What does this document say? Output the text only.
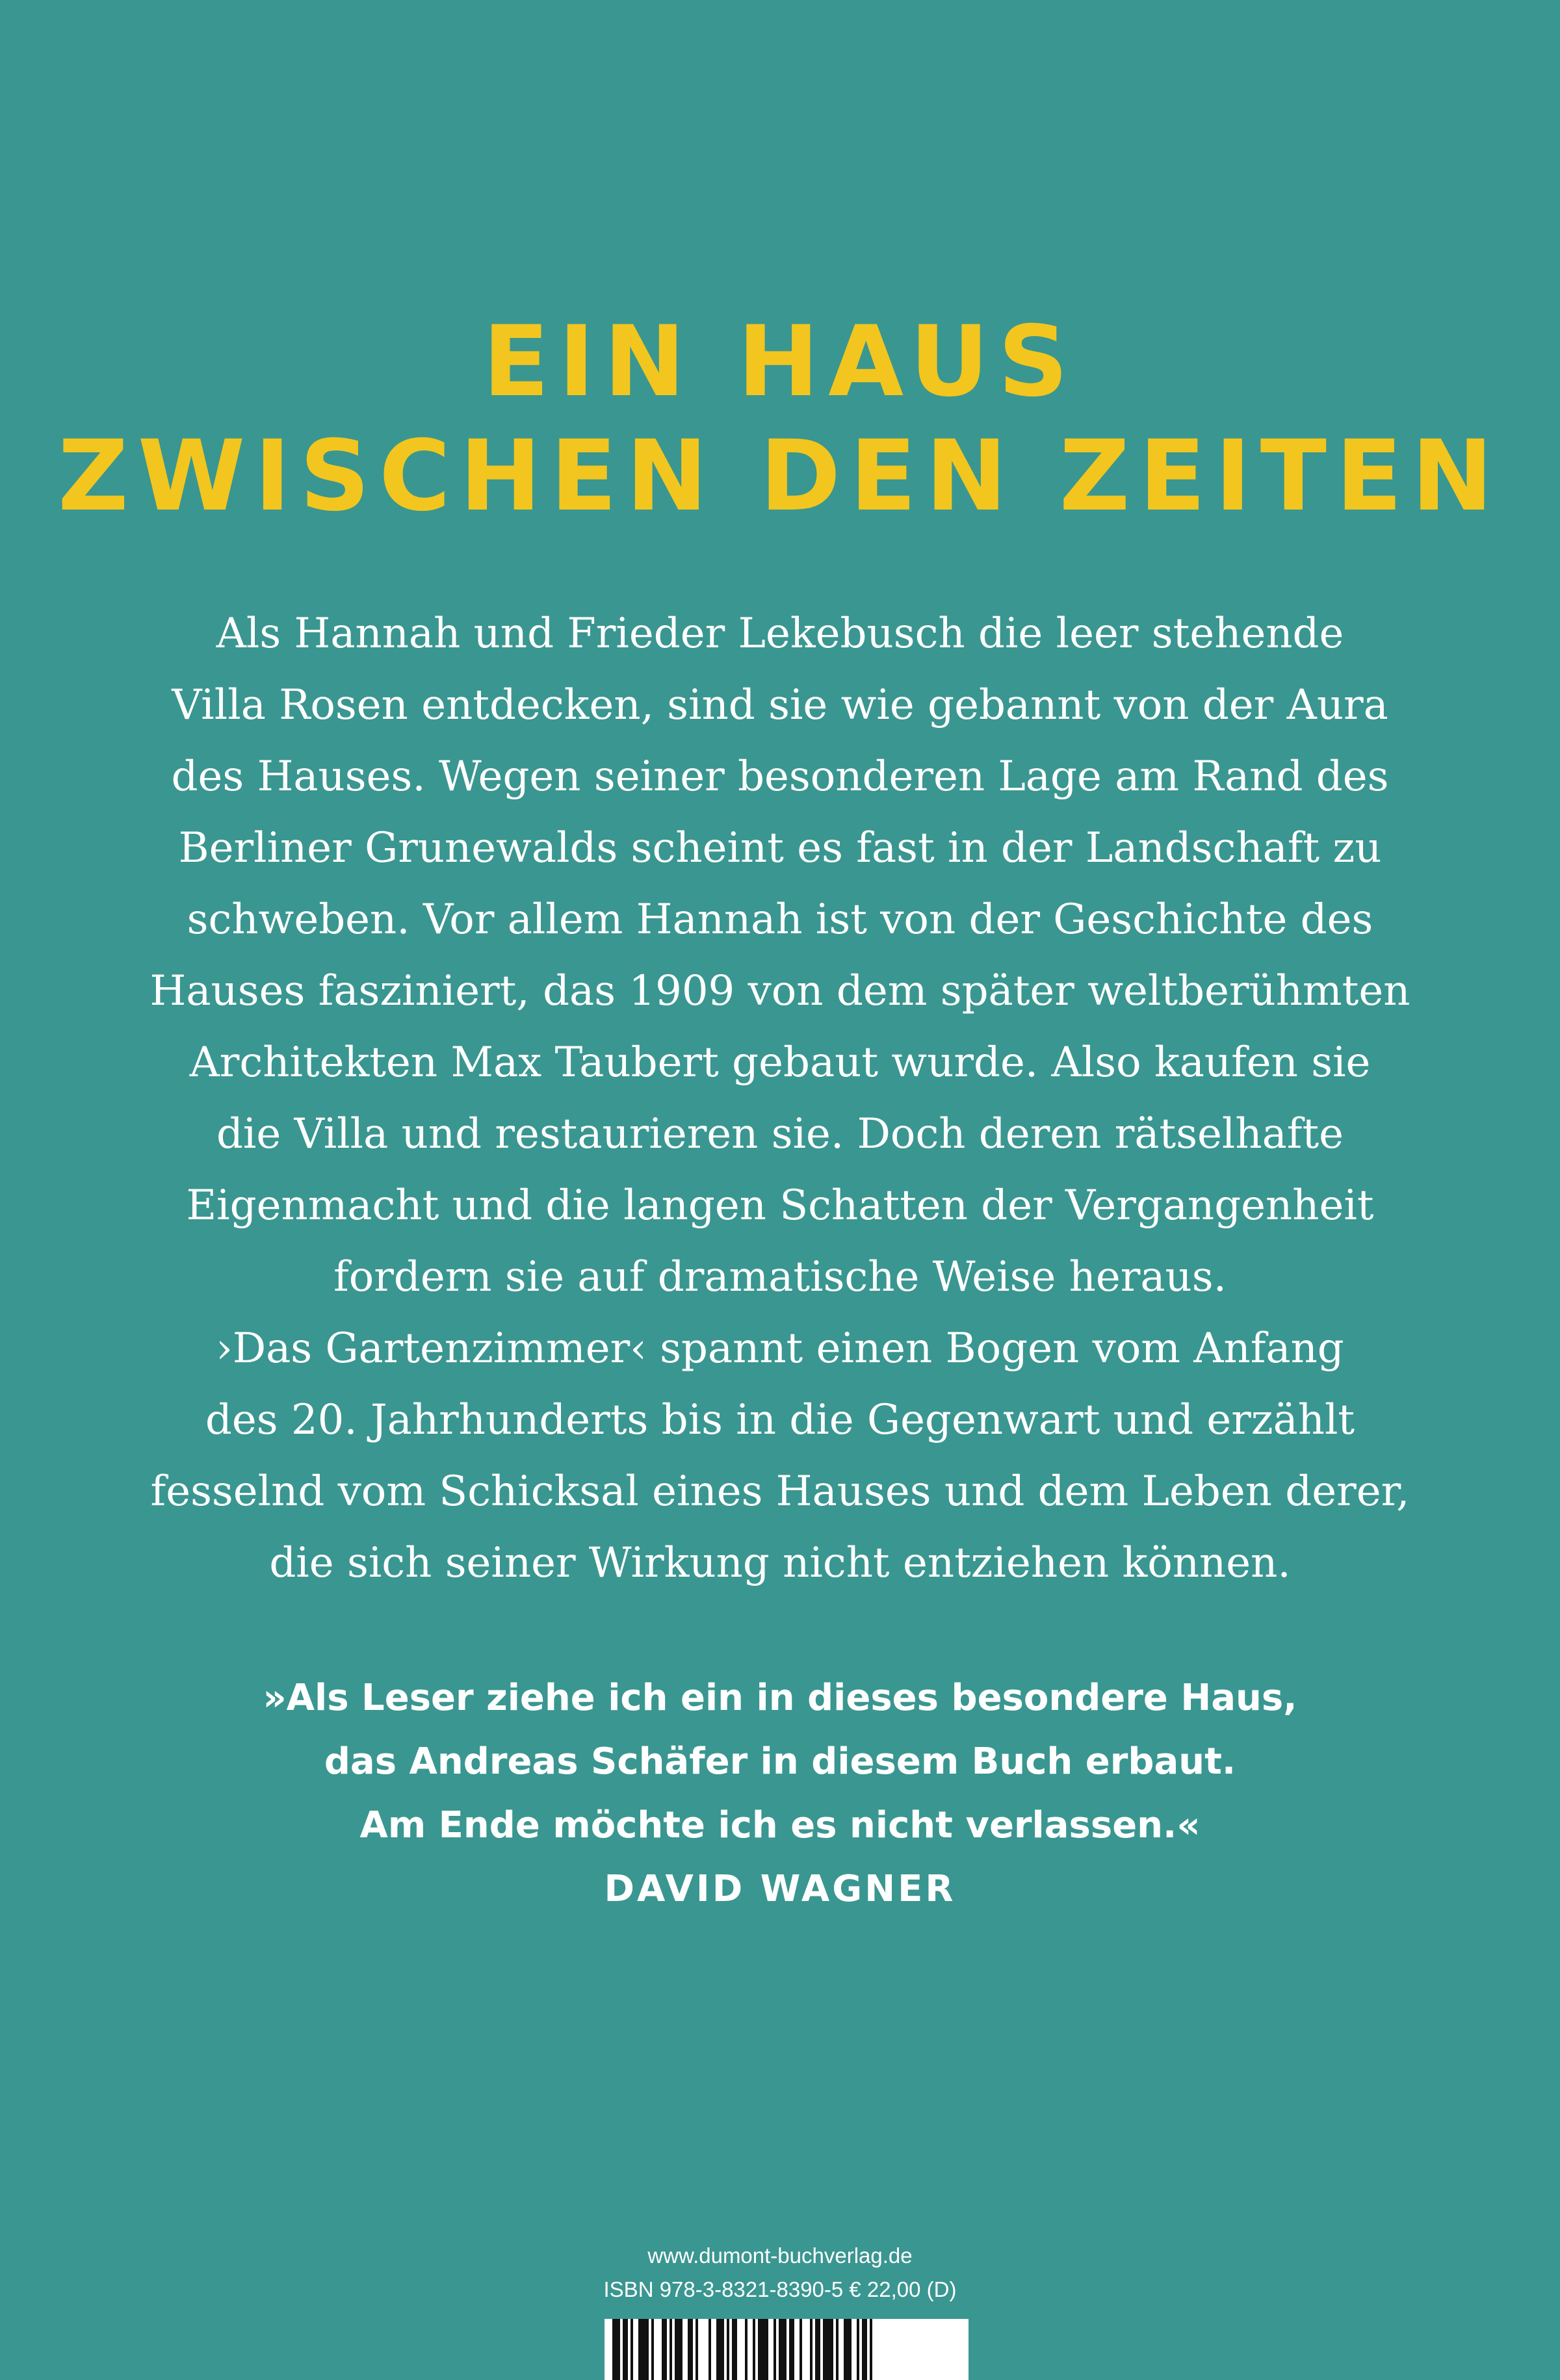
EIN HAUS
ZWISCHEN DEN ZEITEN

Als Hannah und Frieder Lekebusch die leer stehende
Villa Rosen entdecken, sind sie wie gebannt von der Aura
des Hauses. Wegen seiner besonderen Lage am Rand des
Berliner Grunewalds scheint es fast in der Landschaft zu
schweben. Vor allem Hannah ist von der Geschichte des
Hauses fasziniert, das 1909 von dem später weltberühmten
Architekten Max Taubert gebaut wurde. Also kaufen sie
die Villa und restaurieren sie. Doch deren rätselhafte
Eigenmacht und die langen Schatten der Vergangenheit
fordern sie auf dramatische Weise heraus.
›Das Gartenzimmer‹ spannt einen Bogen vom Anfang
des 20. Jahrhunderts bis in die Gegenwart und erzählt
fesselnd vom Schicksal eines Hauses und dem Leben derer,
die sich seiner Wirkung nicht entziehen können.

»Als Leser ziehe ich ein in dieses besondere Haus,
das Andreas Schäfer in diesem Buch erbaut.
Am Ende möchte ich es nicht verlassen.«
DAVID WAGNER
www.dumont-buchverlag.de
ISBN 978-3-8321-8390-5 € 22,00 (D)
